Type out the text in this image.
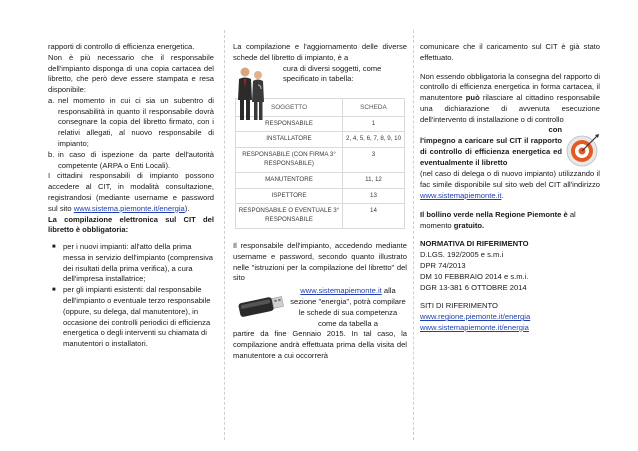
rapporti di controllo di efficienza energetica.

Non è più necessario che il responsabile dell'impianto disponga di una copia cartacea del libretto, che però deve essere stampata e resa disponibile:

a. nel momento in cui ci sia un subentro di responsabilità in quanto il responsabile dovrà consegnare la copia del libretto firmato, con i relativi allegati, al nuovo responsabile di impianto;
b. in caso di ispezione da parte dell'autorità competente (ARPA o Enti Locali).

I cittadini responsabili di impianto possono accedere al CIT, in modalità consultazione, registrandosi (mediante username e password sul sito www.sistema.piemonte.it/energia).

La compilazione elettronica sul CIT del libretto è obbligatoria:

■ per i nuovi impianti: all'atto della prima messa in servizio dell'impianto (comprensiva dei risultati della prima verifica), a cura dell'impresa installatrice;
■ per gli impianti esistenti: dal responsabile dell'impianto o eventuale terzo responsabile (oppure, su delega, dal manutentore), in occasione dei controlli periodici di efficienza energetica o degli interventi su chiamata di manutentori o installatori.

La compilazione e l'aggiornamento delle diverse schede del libretto di impianto, è a

cura di diversi soggetti, come specificato in tabella:

SOGGETTO	SCHEDA
RESPONSABILE	1
INSTALLATORE	2, 4, 5, 6, 7, 8, 9, 10
RESPONSABILE (CON FIRMA 3° RESPONSABILE)	3
MANUTENTORE	11, 12
ISPETTORE	13
RESPONSABILE O EVENTUALE 3° RESPONSABILE	14

Il responsabile dell'impianto, accedendo mediante username e password, secondo quanto illustrato nelle "istruzioni per la compilazione del libretto" del sito

www.sistemapiemonte.it alla sezione "energia", potrà compilare le schede di sua competenza come da tabella a

partire da fine Gennaio 2015. In tal caso, la compilazione andrà effettuata prima della visita del manutentore a cui occorrerà

comunicare che il caricamento sul CIT è già stato effettuato.

Non essendo obbligatoria la consegna del rapporto di controllo di efficienza energetica in forma cartacea, il manutentore può rilasciare al cittadino responsabile una dichiarazione di avvenuta esecuzione dell'intervento di installazione o di controllo

con

l'impegno a caricare sul CIT il rapporto di controllo di efficienza energetica ed eventualmente il libretto

(nel caso di delega o di nuovo impianto) utilizzando il fac simile disponibile sul sito web del CIT all'indirizzo www.sistemapiemonte.it.

Il bollino verde nella Regione Piemonte è al momento gratuito.

NORMATIVA DI RIFERIMENTO

D.LGS. 192/2005 e s.m.i

DPR 74/2013

DM 10 FEBBRAIO 2014 e s.m.i.

DGR 13-381 6 OTTOBRE 2014

SITI DI RIFERIMENTO

www.regione.piemonte.it/energia

www.sistemapiemonte.it/energia
